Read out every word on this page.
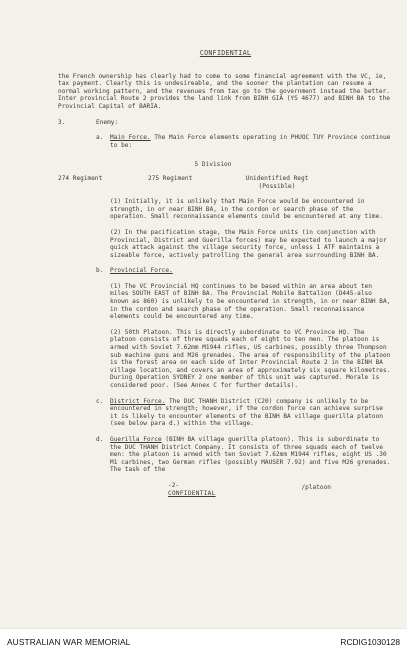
CONFIDENTIAL
the French ownership has clearly had to come to some financial agreement with the VC, ie, tax payment. Clearly this is undesireable, and the sooner the plantation can resume a normal working pattern, and the revenues from tax go to the government instead the better. Inter provincial Route 2 provides the land link from BINH GIA (YS 4677) and BINH BA to the Provincial Capital of BARIA.
3.	Enemy:
a.	Main Force. The Main Force elements operating in PHUOC TUY Province continue to be:
5 Division
274 Regiment	275 Regiment	Unidentified Regt (Possible)
(1) Initially, it is unlikely that Main Force would be encountered in strength, in or near BINH BA, in the cordon or search phase of the operation. Small reconnaissance elements could be encountered at any time.
(2) In the pacification stage, the Main Force units (in conjunction with Provincial, District and Guerilla forces) may be expected to launch a major quick attack against the village security force, unless 1 ATF maintains a sizeable force, actively patrolling the general area surrounding BINH BA.
b.	Provincial Force.
(1) The VC Provincial HQ continues to be based within an area about ten miles SOUTH EAST of BINH BA. The Provincial Mobile Battalion (D445-also known as 860) is unlikely to be encountered in strength, in or near BINH BA, in the cordon and search phase of the operation. Small reconnaissance elements could be encountered any time.
(2) 50th Platoon. This is directly subordinate to VC Province HQ. The platoon consists of three squads each of eight to ten men. The platoon is armed with Soviet 7.62mm M1944 rifles, US carbines, possibly three Thompson sub machine guns and M26 grenades. The area of responsibility of the platoon is the forest area on each side of Inter Provincial Route 2 in the BINH BA village location, and covers an area of approximately six square kilometres. During Operation SYDNEY 2 one member of this unit was captured. Morale is considered poor. (See Annex C for further details).
c.	District Force. The DUC THANH District (C20) company is unlikely to be encountered in strength; however, if the cordon force can achieve surprise it is likely to encounter elements of the BINH BA village guerilla platoon (see below para d.) within the village.
d.	Guerilla Force (BINH BA village guerilla platoon). This is subordinate to the DUC THANH District Company. It consists of three squads each of twelve men: the platoon is armed with ten Soviet 7.62mm M1944 rifles, eight US .30 M1 carbines, two German rifles (possibly MAUSER 7.92) and five M26 grenades. The task of the
-2-
CONFIDENTIAL
/platoon
AUSTRALIAN WAR MEMORIAL	RCDIG1030128
